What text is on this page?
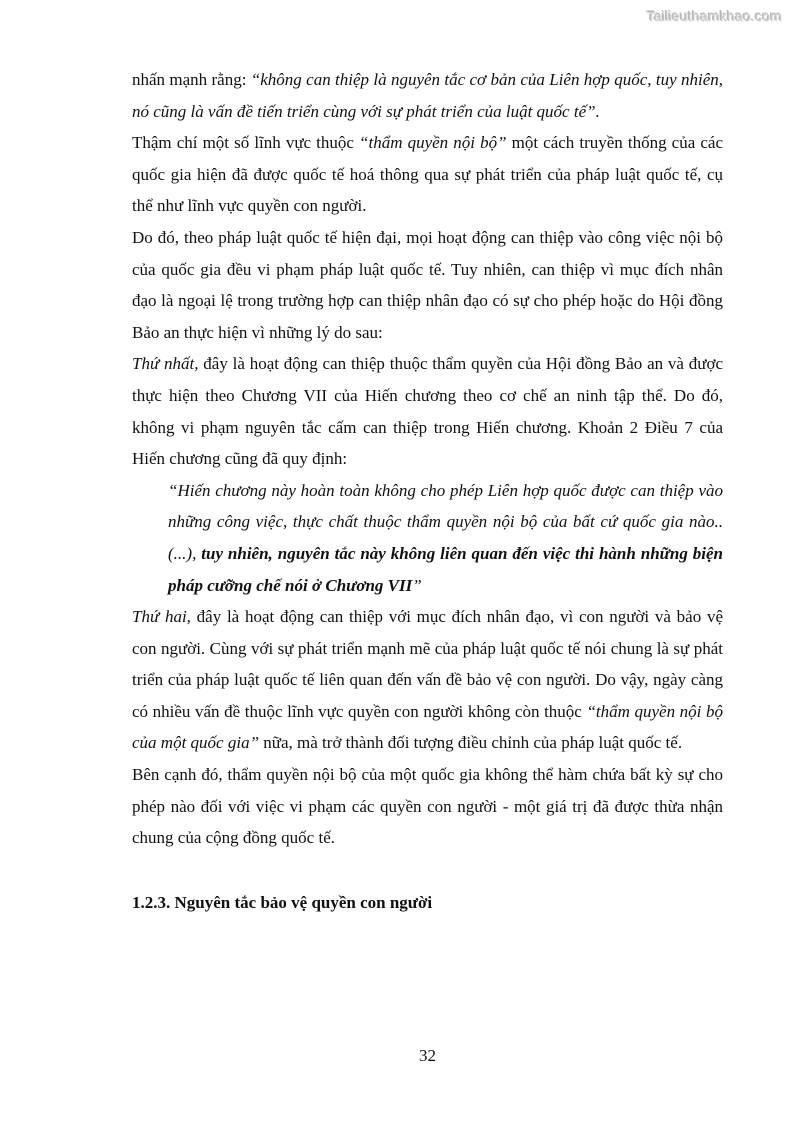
Tailieuthamkhao.com

nhấn mạnh rằng: “không can thiệp là nguyên tắc cơ bản của Liên hợp quốc, tuy nhiên, nó cũng là vấn đề tiến triển cùng với sự phát triển của luật quốc tế”.

Thậm chí một số lĩnh vực thuộc “thẩm quyền nội bộ” một cách truyền thống của các quốc gia hiện đã được quốc tế hoá thông qua sự phát triển của pháp luật quốc tế, cụ thể như lĩnh vực quyền con người.

Do đó, theo pháp luật quốc tế hiện đại, mọi hoạt động can thiệp vào công việc nội bộ của quốc gia đều vi phạm pháp luật quốc tế. Tuy nhiên, can thiệp vì mục đích nhân đạo là ngoại lệ trong trường hợp can thiệp nhân đạo có sự cho phép hoặc do Hội đồng Bảo an thực hiện vì những lý do sau:

Thứ nhất, đây là hoạt động can thiệp thuộc thẩm quyền của Hội đồng Bảo an và được thực hiện theo Chương VII của Hiến chương theo cơ chế an ninh tập thể. Do đó, không vi phạm nguyên tắc cấm can thiệp trong Hiến chương. Khoản 2 Điều 7 của Hiến chương cũng đã quy định:

“Hiến chương này hoàn toàn không cho phép Liên hợp quốc được can thiệp vào những công việc, thực chất thuộc thẩm quyền nội bộ của bất cứ quốc gia nào..(...), tuy nhiên, nguyên tắc này không liên quan đến việc thi hành những biện pháp cưỡng chế nói ở Chương VII”

Thứ hai, đây là hoạt động can thiệp với mục đích nhân đạo, vì con người và bảo vệ con người. Cùng với sự phát triển mạnh mẽ của pháp luật quốc tế nói chung là sự phát triển của pháp luật quốc tế liên quan đến vấn đề bảo vệ con người. Do vậy, ngày càng có nhiều vấn đề thuộc lĩnh vực quyền con người không còn thuộc “thẩm quyền nội bộ của một quốc gia” nữa, mà trở thành đối tượng điều chỉnh của pháp luật quốc tế.

Bên cạnh đó, thẩm quyền nội bộ của một quốc gia không thể hàm chứa bất kỳ sự cho phép nào đối với việc vi phạm các quyền con người - một giá trị đã được thừa nhận chung của cộng đồng quốc tế.

1.2.3. Nguyên tắc bảo vệ quyền con người
32
